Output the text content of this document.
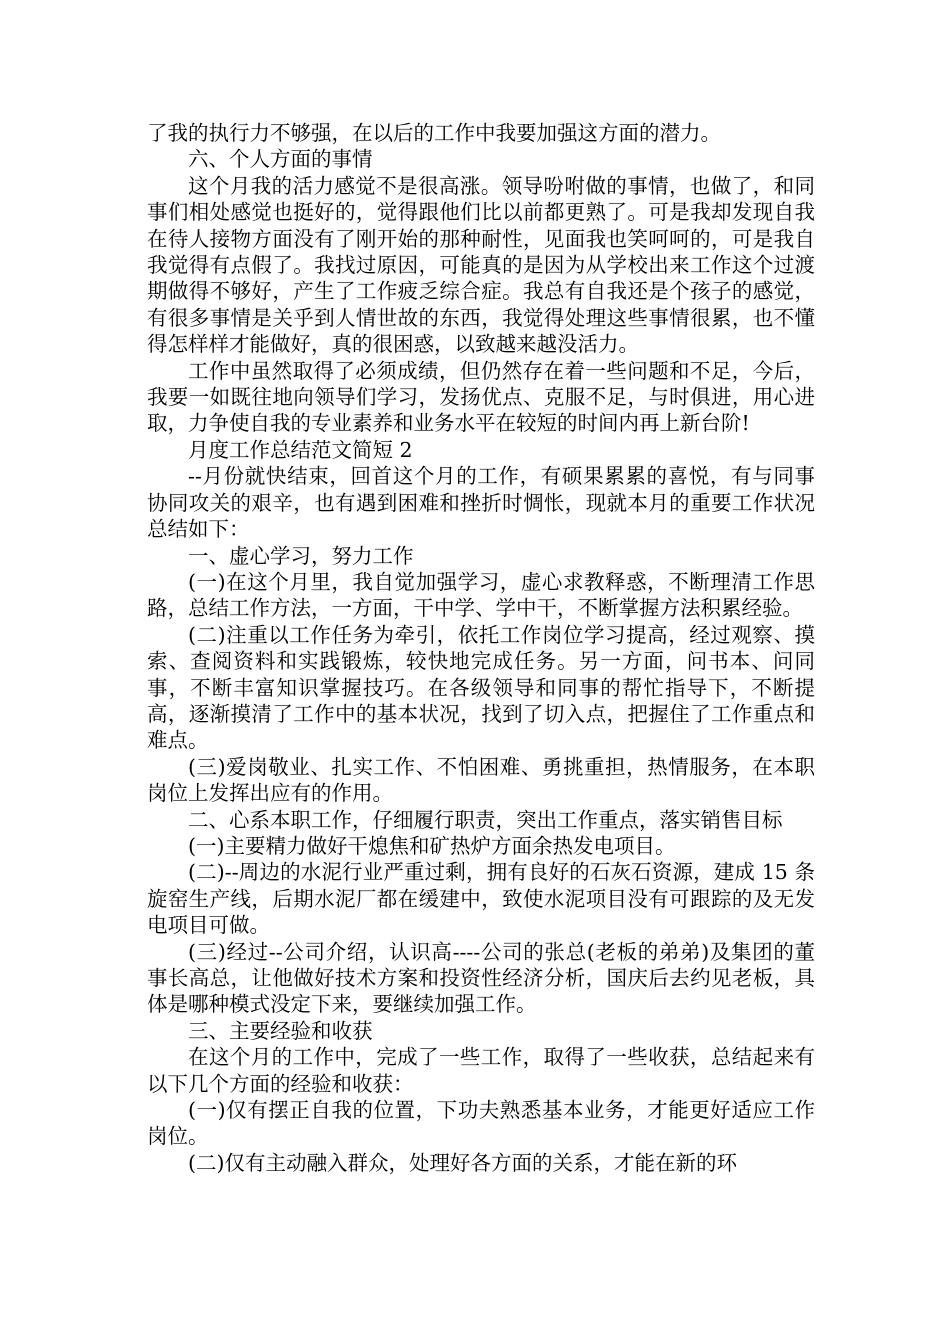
了我的执行力不够强，在以后的工作中我要加强这方面的潜力。

六、个人方面的事情

这个月我的活力感觉不是很高涨。领导吩咐做的事情，也做了，和同事们相处感觉也挺好的，觉得跟他们比以前都更熟了。可是我却发现自我在待人接物方面没有了刚开始的那种耐性，见面我也笑呵呵的，可是我自我觉得有点假了。我找过原因，可能真的是因为从学校出来工作这个过渡期做得不够好，产生了工作疲乏综合症。我总有自我还是个孩子的感觉，有很多事情是关乎到人情世故的东西，我觉得处理这些事情很累，也不懂得怎样样才能做好，真的很困惑，以致越来越没活力。

工作中虽然取得了必须成绩，但仍然存在着一些问题和不足，今后，我要一如既往地向领导们学习，发扬优点、克服不足，与时俱进，用心进取，力争使自我的专业素养和业务水平在较短的时间内再上新台阶!

月度工作总结范文简短 2

--月份就快结束，回首这个月的工作，有硕果累累的喜悦，有与同事协同攻关的艰辛，也有遇到困难和挫折时惆怅，现就本月的重要工作状况总结如下：

一、虚心学习，努力工作

(一)在这个月里，我自觉加强学习，虚心求教释惑，不断理清工作思路，总结工作方法，一方面，干中学、学中干，不断掌握方法积累经验。

(二)注重以工作任务为牵引，依托工作岗位学习提高，经过观察、摸索、查阅资料和实践锻炼，较快地完成任务。另一方面，问书本、问同事，不断丰富知识掌握技巧。在各级领导和同事的帮忙指导下，不断提高，逐渐摸清了工作中的基本状况，找到了切入点，把握住了工作重点和难点。

(三)爱岗敬业、扎实工作、不怕困难、勇挑重担，热情服务，在本职岗位上发挥出应有的作用。

二、心系本职工作，仔细履行职责，突出工作重点，落实销售目标

(一)主要精力做好干熄焦和矿热炉方面余热发电项目。

(二)--周边的水泥行业严重过剩，拥有良好的石灰石资源，建成 15 条旋窑生产线，后期水泥厂都在缓建中，致使水泥项目没有可跟踪的及无发电项目可做。

(三)经过--公司介绍，认识高----公司的张总(老板的弟弟)及集团的董事长高总，让他做好技术方案和投资性经济分析，国庆后去约见老板，具体是哪种模式没定下来，要继续加强工作。

三、主要经验和收获

在这个月的工作中，完成了一些工作，取得了一些收获，总结起来有以下几个方面的经验和收获：

(一)仅有摆正自我的位置，下功夫熟悉基本业务，才能更好适应工作岗位。

(二)仅有主动融入群众，处理好各方面的关系，才能在新的环
